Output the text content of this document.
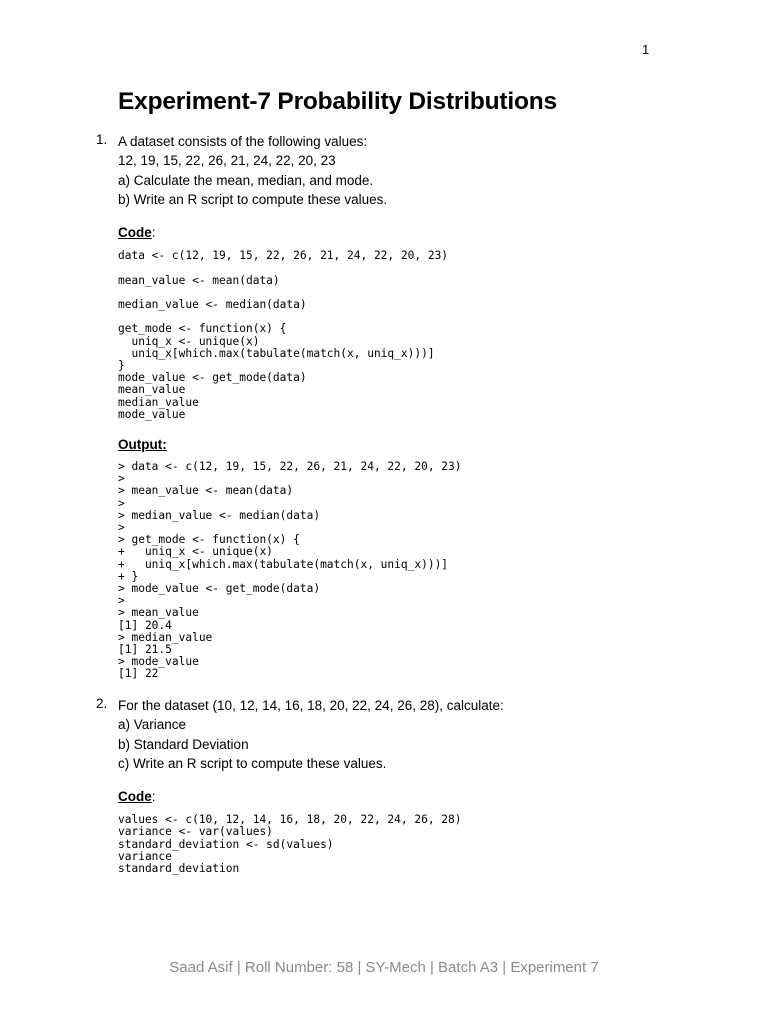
1
Experiment-7 Probability Distributions
1. A dataset consists of the following values:
12, 19, 15, 22, 26, 21, 24, 22, 20, 23
a) Calculate the mean, median, and mode.
b) Write an R script to compute these values.
Code:
data <- c(12, 19, 15, 22, 26, 21, 24, 22, 20, 23)

mean_value <- mean(data)

median_value <- median(data)

get_mode <- function(x) {
uniq_x <- unique(x)
uniq_x[which.max(tabulate(match(x, uniq_x)))]
}
mode_value <- get_mode(data)
mean_value
median_value
mode_value
Output:
> data <- c(12, 19, 15, 22, 26, 21, 24, 22, 20, 23)
>
> mean_value <- mean(data)
>
> median_value <- median(data)
>
> get_mode <- function(x) {
+   uniq_x <- unique(x)
+   uniq_x[which.max(tabulate(match(x, uniq_x)))]
+ }
> mode_value <- get_mode(data)
>
> mean_value
[1] 20.4
> median_value
[1] 21.5
> mode_value
[1] 22
2. For the dataset (10, 12, 14, 16, 18, 20, 22, 24, 26, 28), calculate:
a) Variance
b) Standard Deviation
c) Write an R script to compute these values.
Code:
values <- c(10, 12, 14, 16, 18, 20, 22, 24, 26, 28)
variance <- var(values)
standard_deviation <- sd(values)
variance
standard_deviation
Saad Asif | Roll Number: 58 | SY-Mech | Batch A3 | Experiment 7
